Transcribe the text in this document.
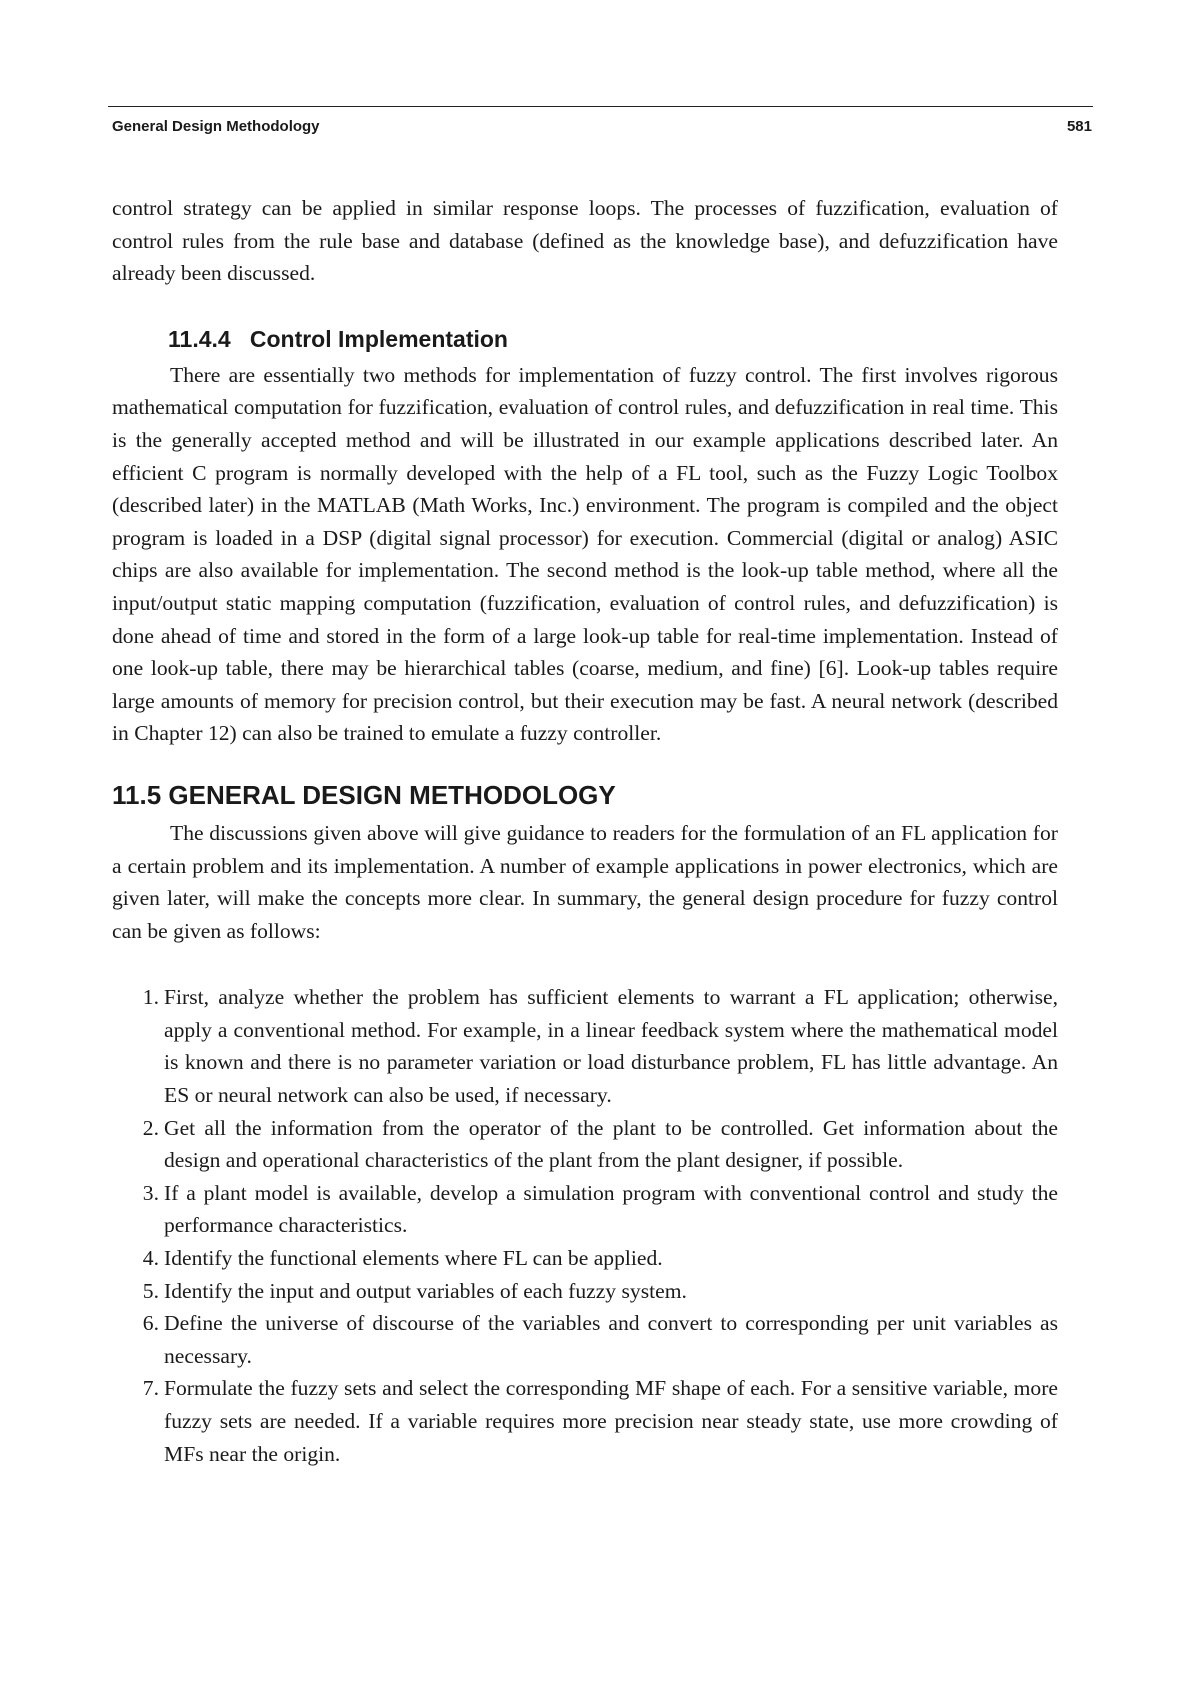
General Design Methodology	581

control strategy can be applied in similar response loops. The processes of fuzzification, evaluation of control rules from the rule base and database (defined as the knowledge base), and defuzzification have already been discussed.

11.4.4 Control Implementation

There are essentially two methods for implementation of fuzzy control. The first involves rigorous mathematical computation for fuzzification, evaluation of control rules, and defuzzification in real time. This is the generally accepted method and will be illustrated in our example applications described later. An efficient C program is normally developed with the help of a FL tool, such as the Fuzzy Logic Toolbox (described later) in the MATLAB (Math Works, Inc.) environment. The program is compiled and the object program is loaded in a DSP (digital signal processor) for execution. Commercial (digital or analog) ASIC chips are also available for implementation. The second method is the look-up table method, where all the input/output static mapping computation (fuzzification, evaluation of control rules, and defuzzification) is done ahead of time and stored in the form of a large look-up table for real-time implementation. Instead of one look-up table, there may be hierarchical tables (coarse, medium, and fine) [6]. Look-up tables require large amounts of memory for precision control, but their execution may be fast. A neural network (described in Chapter 12) can also be trained to emulate a fuzzy controller.

11.5 GENERAL DESIGN METHODOLOGY

The discussions given above will give guidance to readers for the formulation of an FL application for a certain problem and its implementation. A number of example applications in power electronics, which are given later, will make the concepts more clear. In summary, the general design procedure for fuzzy control can be given as follows:

1. First, analyze whether the problem has sufficient elements to warrant a FL application; otherwise, apply a conventional method. For example, in a linear feedback system where the mathematical model is known and there is no parameter variation or load disturbance problem, FL has little advantage. An ES or neural network can also be used, if necessary.
2. Get all the information from the operator of the plant to be controlled. Get information about the design and operational characteristics of the plant from the plant designer, if possible.
3. If a plant model is available, develop a simulation program with conventional control and study the performance characteristics.
4. Identify the functional elements where FL can be applied.
5. Identify the input and output variables of each fuzzy system.
6. Define the universe of discourse of the variables and convert to corresponding per unit variables as necessary.
7. Formulate the fuzzy sets and select the corresponding MF shape of each. For a sensitive variable, more fuzzy sets are needed. If a variable requires more precision near steady state, use more crowding of MFs near the origin.
